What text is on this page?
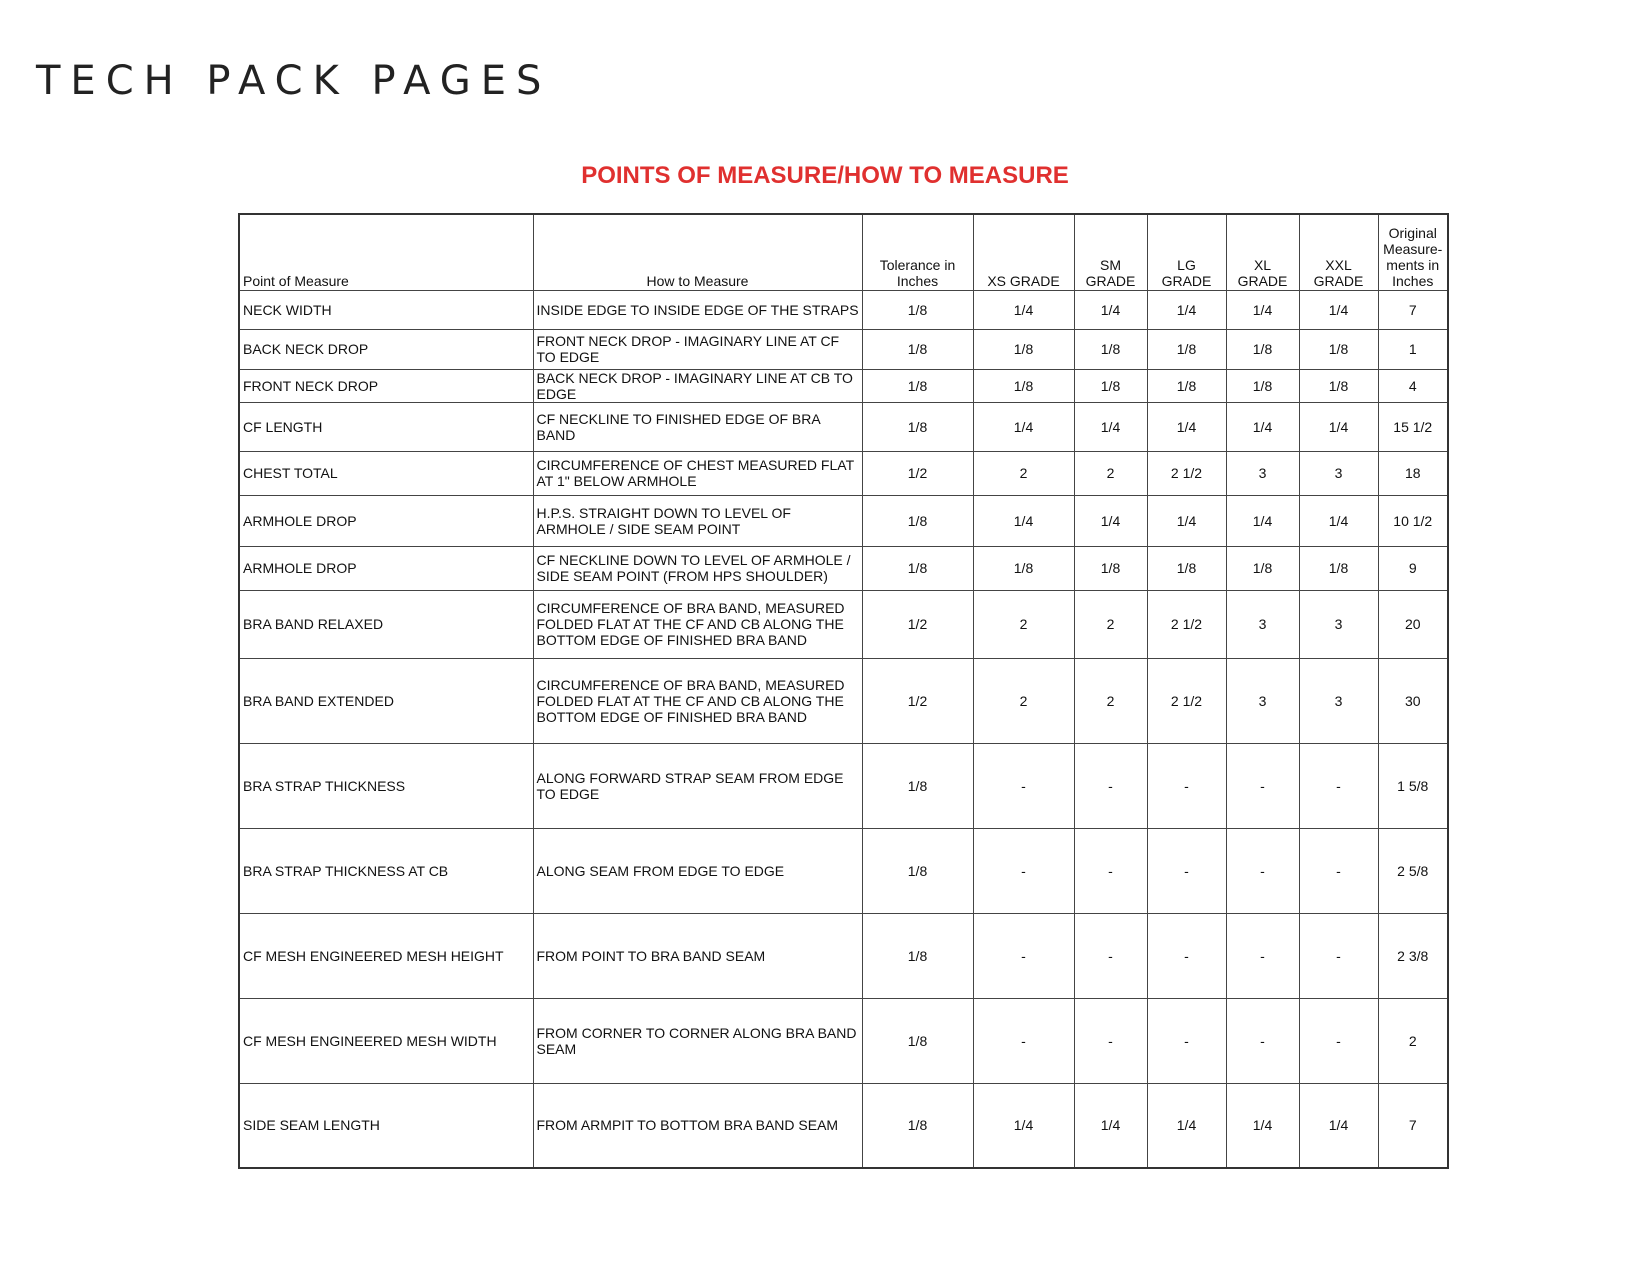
TECH PACK PAGES
POINTS OF MEASURE/HOW TO MEASURE
Point of Measure	How to Measure	Tolerance in Inches	XS GRADE	SM GRADE	LG GRADE	XL GRADE	XXL GRADE	Original Measure-ments in Inches
NECK WIDTH	INSIDE EDGE TO INSIDE EDGE OF THE STRAPS	1/8	1/4	1/4	1/4	1/4	1/4	7
BACK NECK DROP	FRONT NECK DROP - IMAGINARY LINE AT CF TO EDGE	1/8	1/8	1/8	1/8	1/8	1/8	1
FRONT NECK DROP	BACK NECK DROP - IMAGINARY LINE AT CB TO EDGE	1/8	1/8	1/8	1/8	1/8	1/8	4
CF LENGTH	CF NECKLINE TO FINISHED EDGE OF BRA BAND	1/8	1/4	1/4	1/4	1/4	1/4	15 1/2
CHEST TOTAL	CIRCUMFERENCE OF CHEST MEASURED FLAT AT 1" BELOW ARMHOLE	1/2	2	2	2 1/2	3	3	18
ARMHOLE DROP	H.P.S. STRAIGHT DOWN TO LEVEL OF ARMHOLE / SIDE SEAM POINT	1/8	1/4	1/4	1/4	1/4	1/4	10 1/2
ARMHOLE DROP	CF NECKLINE DOWN TO LEVEL OF ARMHOLE / SIDE SEAM POINT (FROM HPS SHOULDER)	1/8	1/8	1/8	1/8	1/8	1/8	9
BRA BAND RELAXED	CIRCUMFERENCE OF BRA BAND, MEASURED FOLDED FLAT AT THE CF AND CB ALONG THE BOTTOM EDGE OF FINISHED BRA BAND	1/2	2	2	2 1/2	3	3	20
BRA BAND EXTENDED	CIRCUMFERENCE OF BRA BAND, MEASURED FOLDED FLAT AT THE CF AND CB ALONG THE BOTTOM EDGE OF FINISHED BRA BAND	1/2	2	2	2 1/2	3	3	30
BRA STRAP THICKNESS	ALONG FORWARD STRAP SEAM FROM EDGE TO EDGE	1/8	-	-	-	-	-	1 5/8
BRA STRAP THICKNESS AT CB	ALONG SEAM FROM EDGE TO EDGE	1/8	-	-	-	-	-	2 5/8
CF MESH ENGINEERED MESH HEIGHT	FROM POINT TO BRA BAND SEAM	1/8	-	-	-	-	-	2 3/8
CF MESH ENGINEERED MESH WIDTH	FROM CORNER TO CORNER ALONG BRA BAND SEAM	1/8	-	-	-	-	-	2
SIDE SEAM LENGTH	FROM ARMPIT TO BOTTOM BRA BAND SEAM	1/8	1/4	1/4	1/4	1/4	1/4	7
